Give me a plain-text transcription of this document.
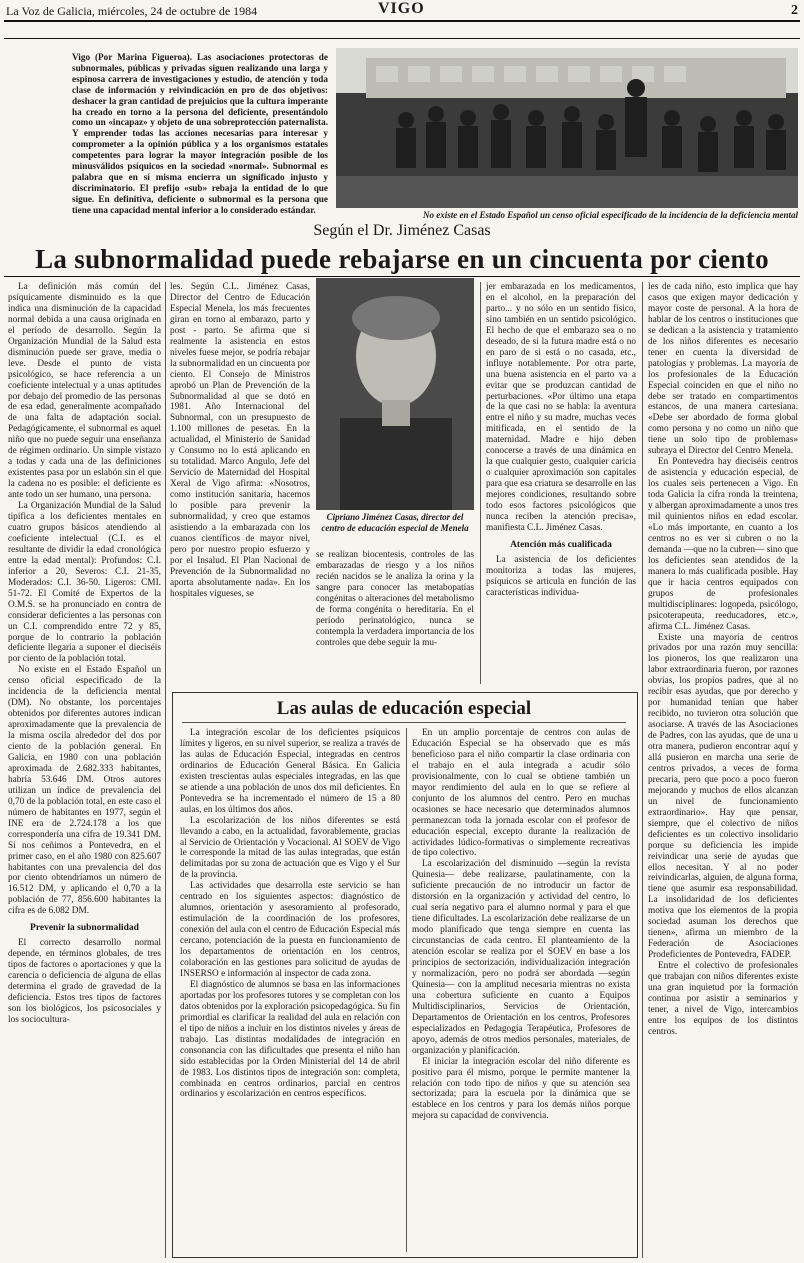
La Voz de Galicia, miércoles, 24 de octubre de 1984	VIGO	2
Vigo (Por Marina Figueroa). Las asociaciones protectoras de subnormales, públicas y privadas siguen realizando una larga y espinosa carrera de investigaciones y estudio, de atención y toda clase de información y reivindicación en pro de dos objetivos: deshacer la gran cantidad de prejuicios que la cultura imperante ha creado en torno a la persona del deficiente, presentándolo como un «incapaz» y objeto de una sobreprotección paternalista. Y emprender todas las acciones necesarias para interesar y comprometer a la opinión pública y a los organismos estatales competentes para lograr la mayor integración posible de los minusválidos psíquicos en la sociedad «normal». Subnormal es palabra que en sí misma encierra un significado injusto y discriminatorio. El prefijo «sub» rebaja la entidad de lo que sigue. En definitiva, deficiente o subnormal es la persona que tiene una capacidad mental inferior a lo considerado estándar.
No existe en el Estado Español un censo oficial especificado de la incidencia de la deficiencia mental
Según el Dr. Jiménez Casas
La subnormalidad puede rebajarse en un cincuenta por ciento

La definición más común del psíquicamente disminuido es la que indica una disminución de la capacidad normal debida a una causa originada en el período de desarrollo. Según la Organización Mundial de la Salud esta disminución puede ser grave, media o leve. Desde el punto de vista psicológico, se hace referencia a un coeficiente intelectual y a unas aptitudes por debajo del promedio de las personas de esa edad, generalmente acompañado de una falta de adaptación social. Pedagógicamente, el subnormal es aquel niño que no puede seguir una enseñanza de régimen ordinario. Un simple vistazo a todas y cada una de las definiciones existentes pasa por un eslabón sin el que la cadena no es posible: el deficiente es ante todo un ser humano, una persona.

La Organización Mundial de la Salud tipifica a los deficientes mentales en cuatro grupos básicos atendiendo al coeficiente intelectual (C.I. es el resultante de dividir la edad cronológica entre la edad mental): Profundos: C.I. inferior a 20, Severos: C.I. 21-35, Moderados: C.I. 36-50. Ligeros: CMI. 51-72. El Comité de Expertos de la O.M.S. se ha pronunciado en contra de considerar deficientes a las personas con un C.I. comprendido entre 72 y 85, porque de lo contrario la población deficiente llegaría a suponer el dieciséis por ciento de la población total.

No existe en el Estado Español un censo oficial especificado de la incidencia de la deficiencia mental (DM). No obstante, los porcentajes obtenidos por diferentes autores indican aproximadamente que la prevalencia de la misma oscila alrededor del dos por ciento de la población general. En Galicia, en 1980 con una población aproximada de 2.682.333 habitantes, habría 53.646 DM. Otros autores utilizan un índice de prevalencia del 0,70 de la población total, en este caso el número de habitantes en 1977, según el INE era de 2.724.178 a los que correspondería una cifra de 19.341 DM. Si nos ceñimos a Pontevedra, en el primer caso, en el año 1980 con 825.607 habitantes con una prevalencia del dos por ciento obtendríamos un número de 16.512 DM, y aplicando el 0,70 a la población de 77, 856.600 habitantes la cifra es de 6.082 DM.

Prevenir la subnormalidad

El correcto desarrollo normal depende, en términos globales, de tres tipos de factores o aportaciones y que la carencia o deficiencia de alguna de ellas determina el grado de gravedad de la deficiencia. Estos tres tipos de factores son los biológicos, los psicosociales y los sociocultura-

les. Según C.L. Jiménez Casas, Director del Centro de Educación Especial Menela, los más frecuentes giran en torno al embarazo, parto y post - parto. Se afirma que si realmente la asistencia en estos niveles fuese mejor, se podría rebajar la subnormalidad en un cincuenta por ciento. El Consejo de Ministros aprobó un Plan de Prevención de la Subnormalidad al que se dotó en 1981. Año Internacional del Subnormal, con un presupuesto de 1.100 millones de pesetas. En la actualidad, el Ministerio de Sanidad y Consumo no lo está aplicando en su totalidad. Marco Angulo, Jefe del Servicio de Maternidad del Hospital Xeral de Vigo afirma: «Nosotros, como institución sanitaria, hacemos lo posible para prevenir la subnormalidad, y creo que estamos asistiendo a la embarazada con los cuanos científicos de mayor nivel, pero por nuestro propio esfuerzo y por el Insalud. El Plan Nacional de Prevención de la Subnormalidad no aporta absolutamente nada». En los hospitales vigueses, se

Cipriano Jiménez Casas, director del centro de educación especial de Menela

se realizan biocentesis, controles de las embarazadas de riesgo y a los niños recién nacidos se le analiza la orina y la sangre para conocer las metabopatías congénitas o alteraciones del metabolismo de forma congénita o hereditaria. En el período perinatológico, nunca se contempla la verdadera importancia de los controles que debe seguir la mu-

jer embarazada en los medicamentos, en el alcohol, en la preparación del parto... y no sólo en un sentido físico, sino también en un sentido psicológico. El hecho de que el embarazo sea o no deseado, de si la futura madre está o no en paro de si está o no casada, etc., influye notablemente. Por otra parte, una buena asistencia en el parto va a evitar que se produzcan cantidad de perturbaciones. «Por último una etapa de la que casi no se habla: la aventura entre el niño y su madre, muchas veces mitificada, en el sentido de la maternidad. Madre e hijo deben conocerse a través de una dinámica en la que cualquier gesto, cualquier caricia o cualquier aproximación son capitales para que esa criatura se desarrolle en las mejores condiciones, resultando sobre todo esos factores psicológicos que nunca reciben la atención precisa», manifiesta C.L. Jiménez Casas.

Atención más cualificada

La asistencia de los deficientes monitoriza a todas las mujeres, psíquicos se articula en función de las características individua-

les de cada niño, esto implica que hay casos que exigen mayor dedicación y mayor coste de personal. A la hora de hablar de los centros o instituciones que se dedican a la asistencia y tratamiento de los niños diferentes es necesario tener en cuenta la diversidad de patologías y problemas. La mayoría de los profesionales de la Educación Especial coinciden en que el niño no debe ser tratado en compartimentos estancos, de una manera cartesiana. «Debe ser abordado de forma global como persona y no como un niño que tiene un solo tipo de problemas» subraya el Director del Centro Menela.

En Pontevedra hay dieciséis centros de asistencia y educación especial, de los cuales seis pertenecen a Vigo. En toda Galicia la cifra ronda la treintena, y albergan aproximadamente a unos tres mil quinientos niños en edad escolar. «Lo más importante, en cuanto a los centros no es ver si cubren o no la demanda —que no la cubren— sino que los deficientes sean atendidos de la manera lo más cualificada posible. Hay que ir hacia centros equipados con grupos de profesionales multidisciplinares: logopeda, psicólogo, psicoterapeuta, reeducadores, etc.», afirma C.L. Jiménez Casas.

Existe una mayoría de centros privados por una razón muy sencilla: los pioneros, los que realizaron una labor extraordinaria fueron, por razones obvias, los propios padres, que al no recibir esas ayudas, que por derecho y por humanidad tenían que haber recibido, no tuvieron otra solución que asociarse. A través de las Asociaciones de Padres, con las ayudas, que de una u otra manera, pudieron encontrar aquí y allá pusieron en marcha una serie de centros privados, a veces de forma precaria, pero que poco a poco fueron mejorando y muchos de ellos alcanzan un nivel de funcionamiento extraordinario». Hay que pensar, siempre, que el colectivo de niños deficientes es un colectivo insolidario porque su deficiencia les impide reivindicar una serie de ayudas que ellos necesitan. Y al no poder reivindicarlas, alguien, de alguna forma, tiene que asumir esa responsabilidad. La insolidaridad de los deficientes motiva que los elementos de la propia sociedad asuman los derechos que tienen», afirma un miembro de la Federación de Asociaciones Prodeficientes de Pontevedra, FADEP.

Entre el colectivo de profesionales que trabajan con niños diferentes existe una gran inquietud por la formación continua por asistir a seminarios y tener, a nivel de Vigo, intercambios entre los equipos de los distintos centros.

Las aulas de educación especial

La integración escolar de los deficientes psíquicos límites y ligeros, en su nivel superior, se realiza a través de las aulas de Educación Especial, integradas en centros ordinarios de Educación General Básica. En Galicia existen trescientas aulas especiales integradas, en las que se atiende a una población de unos dos mil deficientes. En Pontevedra se ha incrementado el número de 15 a 80 aulas, en los últimos dos años.

La escolarización de los niños diferentes se está llevando a cabo, en la actualidad, favorablemente, gracias al Servicio de Orientación y Vocacional. Al SOEV de Vigo le corresponde la mitad de las aulas integradas, que están delimitadas por su zona de actuación que es Vigo y el Sur de la provincia.

Las actividades que desarrolla este servicio se han centrado en los siguientes aspectos: diagnóstico de alumnos, orientación y asesoramiento al profesorado, estimulación de la coordinación de los profesores, conexión del aula con el centro de Educación Especial más cercano, potenciación de la puesta en funcionamiento de los departamentos de orientación en los centros, colaboración en las gestiones para solicitud de ayudas de INSERSO e información al inspector de cada zona.

El diagnóstico de alumnos se basa en las informaciones aportadas por los profesores tutores y se completan con los datos obtenidos por la exploración psicopedagógica. Su fin primordial es clarificar la realidad del aula en relación con el tipo de niños a incluir en los distintos niveles y áreas de trabajo. Las distintas modalidades de integración en consonancia con las dificultades que presenta el niño han sido establecidas por la Orden Ministerial del 14 de abril de 1983. Los distintos tipos de integración son: completa, combinada en centros ordinarios, parcial en centros ordinarios y escolarización en centros específicos.

En un amplio porcentaje de centros con aulas de Educación Especial se ha observado que es más beneficioso para el niño compartir la clase ordinaria con el trabajo en el aula integrada a acudir sólo provisionalmente, con lo cual se obtiene también un mayor rendimiento del aula en lo que se refiere al conjunto de los alumnos del centro. Pero en muchas ocasiones se hace necesario que determinados alumnos permanezcan toda la jornada escolar con el profesor de educación especial, excepto durante la realización de actividades lúdico-formativas o simplemente recreativas de tipo colectivo.

La escolarización del disminuido —según la revista Quinesia— debe realizarse, paulatinamente, con la suficiente precaución de no introducir un factor de distorsión en la organización y actividad del centro, lo cual sería negativo para el alumno normal y para el que tiene dificultades. La escolarización debe realizarse de un modo planificado que tenga siempre en cuenta las circunstancias de cada centro. El planteamiento de la atención escolar se realiza por el SOEV en base a los principios de sectorización, individualización integración y normalización, pero no podrá ser abordada —según Quinesia— con la amplitud necesaria mientras no exista una cobertura suficiente en cuanto a Equipos Multidisciplinarios, Servicios de Orientación, Departamentos de Orientación en los centros, Profesores especializados en Pedagogía Terapéutica, Profesores de apoyo, además de otros medios personales, materiales, de organización y planificación.

El iniciar la integración escolar del niño diferente es positivo para él mismo, porque le permite mantener la relación con todo tipo de niños y que su atención sea sectorizada; para la escuela por la dinámica que se establece en los centros y para los demás niños porque mejora su capacidad de convivencia.
